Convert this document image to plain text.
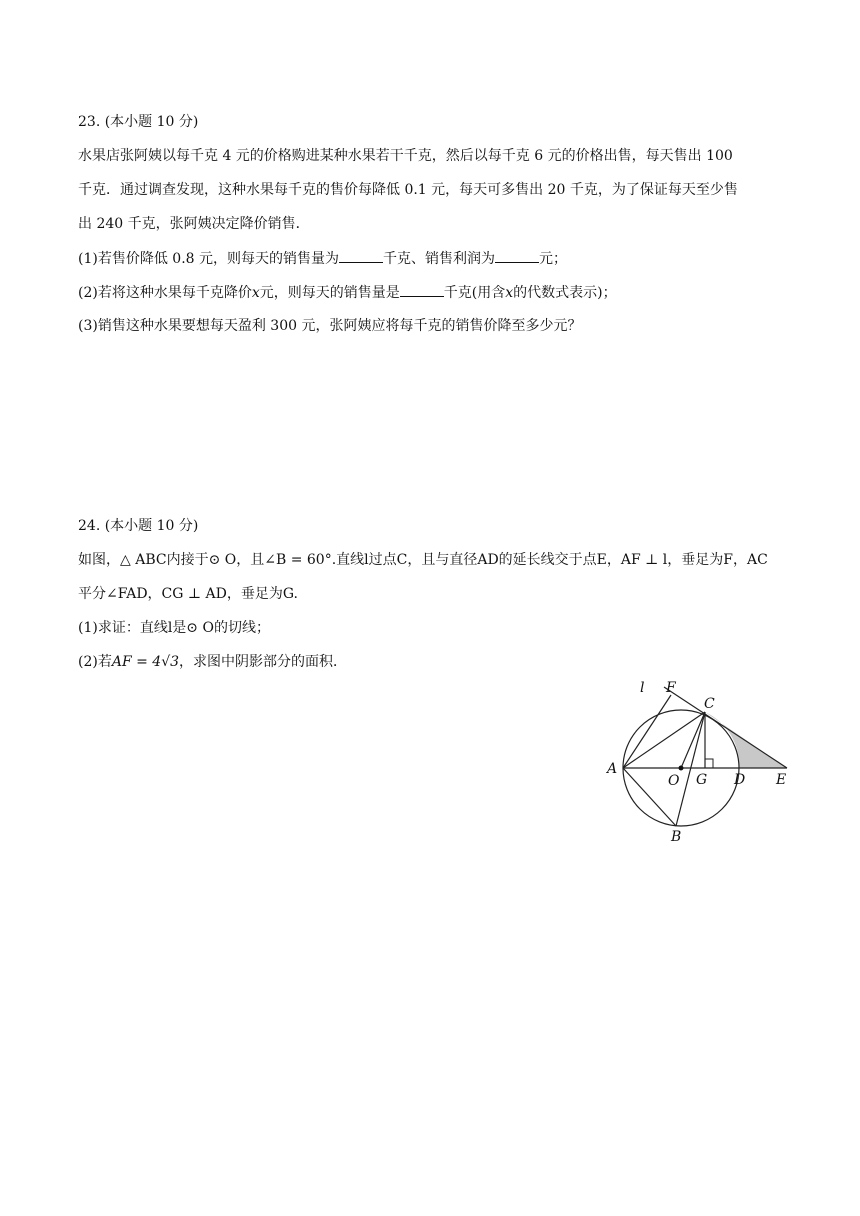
23. (本小题 10 分)
水果店张阿姨以每千克 4 元的价格购进某种水果若干千克，然后以每千克 6 元的价格出售，每天售出 100
千克．通过调查发现，这种水果每千克的售价每降低 0.1 元，每天可多售出 20 千克，为了保证每天至少售
出 240 千克，张阿姨决定降价销售．
(1)若售价降低 0.8 元，则每天的销售量为	千克、销售利润为	元；
(2)若将这种水果每千克降价x元，则每天的销售量是	千克(用含x的代数式表示)；
(3)销售这种水果要想每天盈利 300 元，张阿姨应将每千克的销售价降至多少元？
24. (本小题 10 分)
如图，△ ABC内接于⊙ O，且∠B = 60°.直线l过点C，且与直径AD的延长线交于点E，AF ⊥ l，垂足为F，AC
平分∠FAD，CG ⊥ AD，垂足为G.
(1)求证：直线l是⊙ O的切线；
(2)若AF = 4√3，求图中阴影部分的面积．
l F
C
A
O G D E
B
